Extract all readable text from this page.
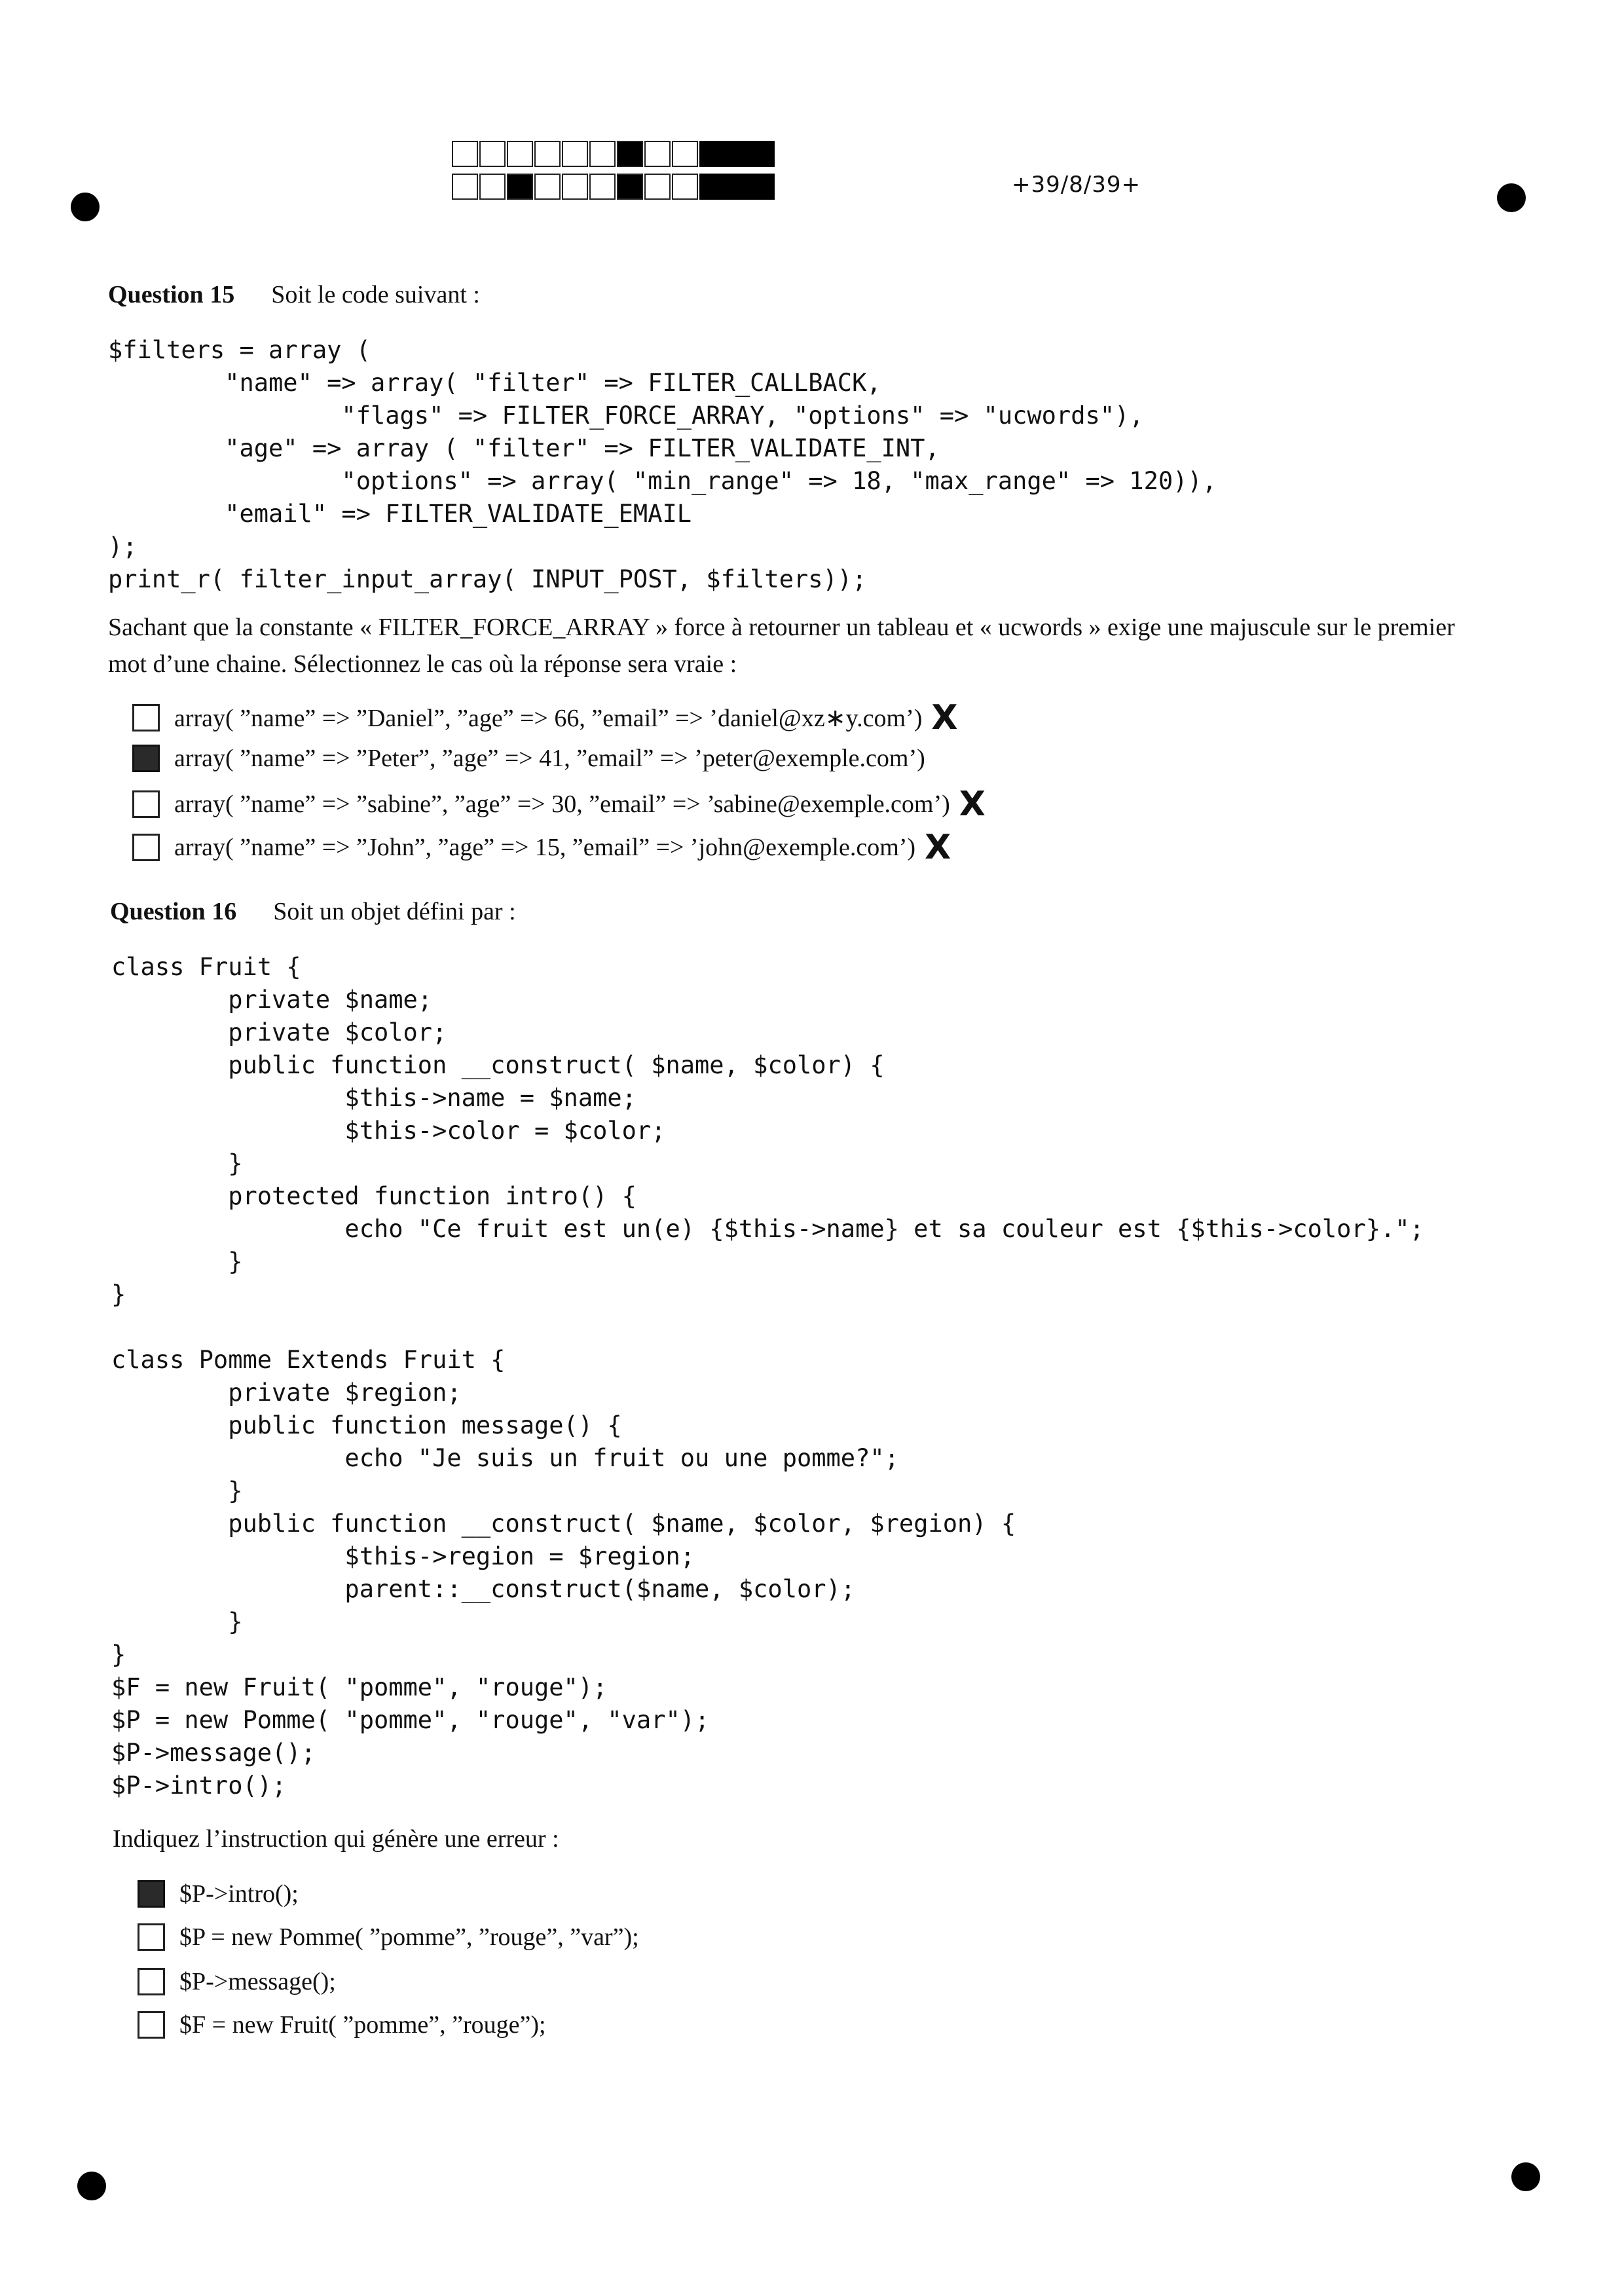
+39/8/39+
Question 15 Soit le code suivant :
$filters = array (
"name" => array( "filter" => FILTER_CALLBACK,
"flags" => FILTER_FORCE_ARRAY, "options" => "ucwords"),
"age" => array ( "filter" => FILTER_VALIDATE_INT,
"options" => array( "min_range" => 18, "max_range" => 120)),
"email" => FILTER_VALIDATE_EMAIL
);
print_r( filter_input_array( INPUT_POST, $filters));

Sachant que la constante « FILTER_FORCE_ARRAY » force à retourner un tableau et « ucwords » exige une majuscule sur le premier mot d’une chaine. Sélectionnez le cas où la réponse sera vraie :

array( ”name” => ”Daniel”, ”age” => 66, ”email” => ’daniel@xz∗y.com’) X
array( ”name” => ”Peter”, ”age” => 41, ”email” => ’peter@exemple.com’)
array( ”name” => ”sabine”, ”age” => 30, ”email” => ’sabine@exemple.com’) X
array( ”name” => ”John”, ”age” => 15, ”email” => ’john@exemple.com’) X
Question 16 Soit un objet défini par :
class Fruit {
private $name;
private $color;
public function __construct( $name, $color) {
$this->name = $name;
$this->color = $color;
}
protected function intro() {
echo "Ce fruit est un(e) {$this->name} et sa couleur est {$this->color}.";
}
}

class Pomme Extends Fruit {
private $region;
public function message() {
echo "Je suis un fruit ou une pomme?";
}
public function __construct( $name, $color, $region) {
$this->region = $region;
parent::__construct($name, $color);
}
}
$F = new Fruit( "pomme", "rouge");
$P = new Pomme( "pomme", "rouge", "var");
$P->message();
$P->intro();

Indiquez l’instruction qui génère une erreur :

$P->intro();
$P = new Pomme( ”pomme”, ”rouge”, ”var”);
$P->message();
$F = new Fruit( ”pomme”, ”rouge”);
